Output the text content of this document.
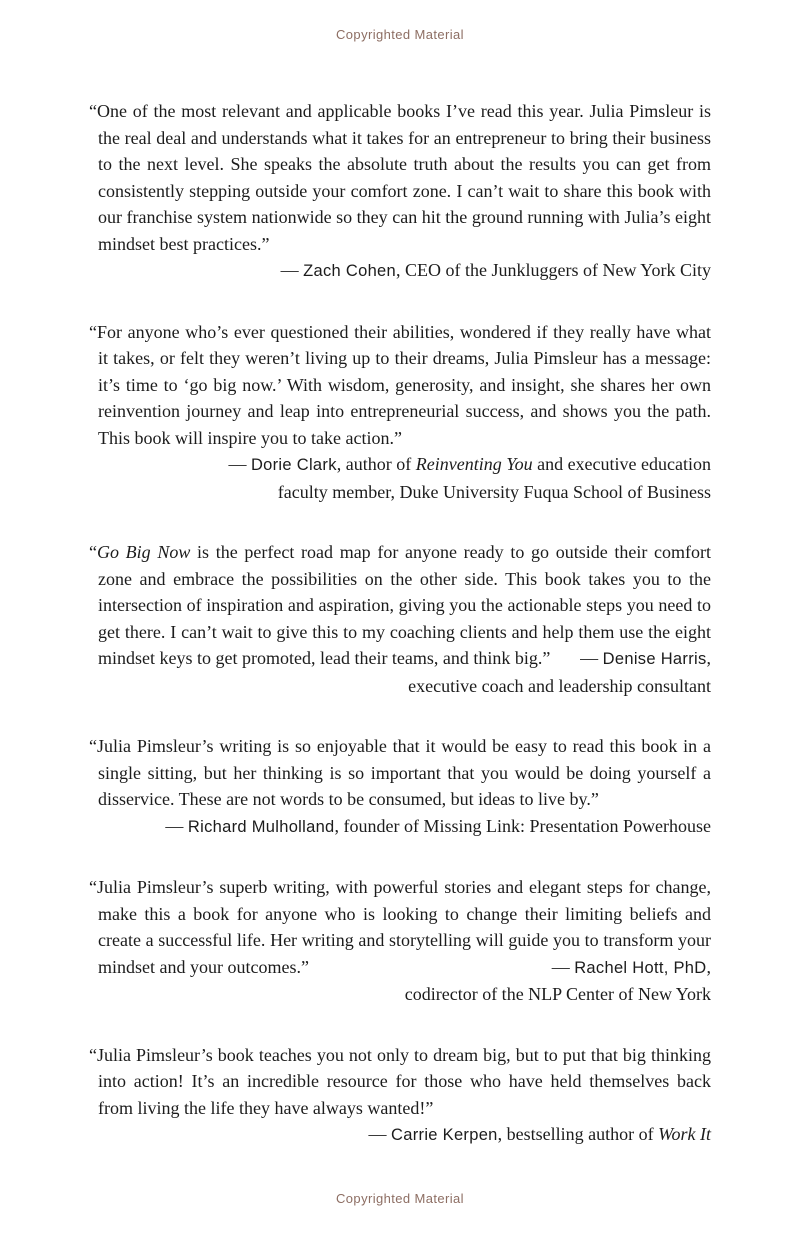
Copyrighted Material

“One of the most relevant and applicable books I’ve read this year. Julia Pimsleur is the real deal and understands what it takes for an entrepreneur to bring their business to the next level. She speaks the absolute truth about the results you can get from consistently stepping outside your comfort zone. I can’t wait to share this book with our franchise system nationwide so they can hit the ground running with Julia’s eight mindset best practices.”

— Zach Cohen, CEO of the Junkluggers of New York City

“For anyone who’s ever questioned their abilities, wondered if they really have what it takes, or felt they weren’t living up to their dreams, Julia Pimsleur has a message: it’s time to ‘go big now.’ With wisdom, generosity, and insight, she shares her own reinvention journey and leap into entrepreneurial success, and shows you the path. This book will inspire you to take action.”

— Dorie Clark, author of Reinventing You and executive education
faculty member, Duke University Fuqua School of Business

“Go Big Now is the perfect road map for anyone ready to go outside their comfort zone and embrace the possibilities on the other side. This book takes you to the intersection of inspiration and aspiration, giving you the actionable steps you need to get there. I can’t wait to give this to my coaching clients and help them use the eight mindset keys to get promoted, lead their teams, and think big.”	— Denise Harris,
executive coach and leadership consultant

“Julia Pimsleur’s writing is so enjoyable that it would be easy to read this book in a single sitting, but her thinking is so important that you would be doing yourself a disservice. These are not words to be consumed, but ideas to live by.”

— Richard Mulholland, founder of Missing Link: Presentation Powerhouse

“Julia Pimsleur’s superb writing, with powerful stories and elegant steps for change, make this a book for anyone who is looking to change their limiting beliefs and create a successful life. Her writing and storytelling will guide you to transform your mindset and your outcomes.”	— Rachel Hott, PhD,
codirector of the NLP Center of New York

“Julia Pimsleur’s book teaches you not only to dream big, but to put that big thinking into action! It’s an incredible resource for those who have held themselves back from living the life they have always wanted!”

— Carrie Kerpen, bestselling author of Work It
Copyrighted Material
